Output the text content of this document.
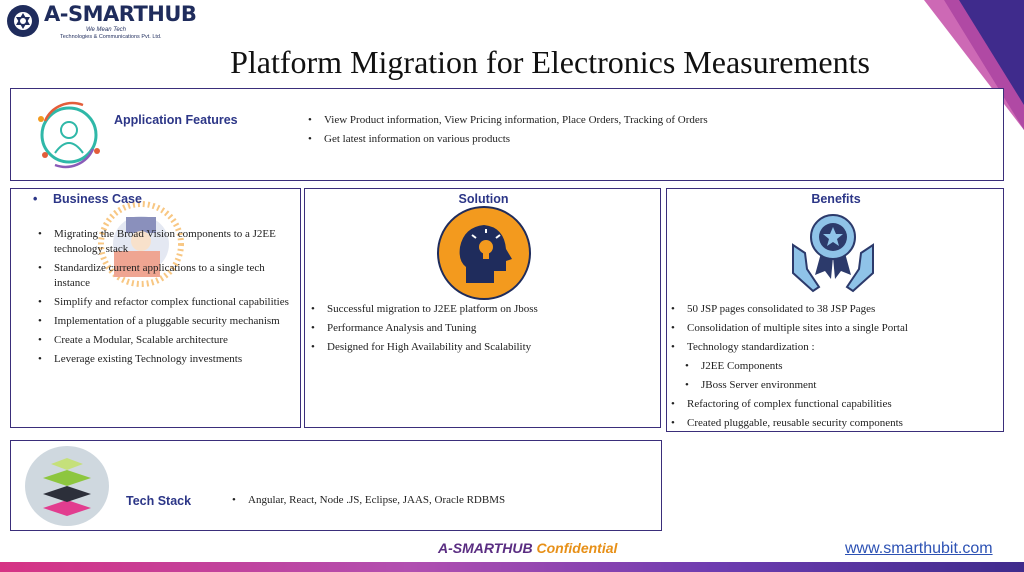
A-SMARTHUB
We Mean Tech
Technologies & Communications Pvt. Ltd.
Platform Migration for Electronics Measurements
Application Features	• View Product information, View Pricing information, Place Orders, Tracking of Orders
• Get latest information on various products
• Business Case
• Migrating the Broad Vision components to a J2EE technology stack
• Standardize current applications to a single tech instance
• Simplify and refactor complex functional capabilities
• Implementation of a pluggable security mechanism
• Create a Modular, Scalable architecture
• Leverage existing Technology investments
Solution
• Successful migration to J2EE platform on Jboss
• Performance Analysis and Tuning
• Designed for High Availability and Scalability
Benefits
• 50 JSP pages consolidated to 38 JSP Pages
• Consolidation of multiple sites into a single Portal
• Technology standardization :
• J2EE Components
• JBoss Server environment
• Refactoring of complex functional capabilities
• Created pluggable, reusable security components
Tech Stack	• Angular, React, Node .JS, Eclipse, JAAS, Oracle RDBMS
A-SMARTHUB Confidential	www.smarthubit.com
